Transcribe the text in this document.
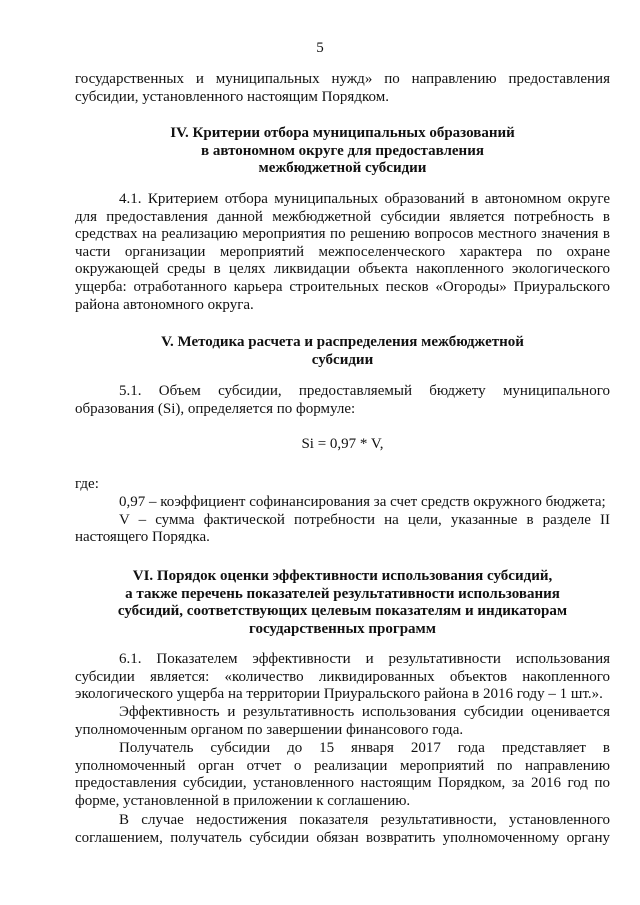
5
государственных и муниципальных нужд» по направлению предоставления
субсидии, установленного настоящим Порядком.
IV. Критерии отбора муниципальных образований
в автономном округе для предоставления
межбюджетной субсидии
4.1. Критерием отбора муниципальных образований в автономном округе
для предоставления данной межбюджетной субсидии является потребность в
средствах на реализацию мероприятия по решению вопросов местного значения в
части организации мероприятий межпоселенческого характера по охране
окружающей среды в целях ликвидации объекта накопленного экологического
ущерба: отработанного карьера строительных песков «Огороды» Приуральского
района автономного округа.
V. Методика расчета и распределения межбюджетной
субсидии
5.1. Объем субсидии, предоставляемый бюджету муниципального
образования (Si), определяется по формуле:
Si = 0,97 * V,
где:
0,97 – коэффициент софинансирования за счет средств окружного бюджета;
V – сумма фактической потребности на цели, указанные в разделе II
настоящего Порядка.
VI. Порядок оценки эффективности использования субсидий,
а также перечень показателей результативности использования
субсидий, соответствующих целевым показателям и индикаторам
государственных программ
6.1. Показателем эффективности и результативности использования
субсидии является: «количество ликвидированных объектов накопленного
экологического ущерба на территории Приуральского района в 2016 году – 1 шт.».
Эффективность и результативность использования субсидии оценивается
уполномоченным органом по завершении финансового года.
Получатель субсидии до 15 января 2017 года представляет в
уполномоченный орган отчет о реализации мероприятий по направлению
предоставления субсидии, установленного настоящим Порядком, за 2016 год по
форме, установленной в приложении к соглашению.
В случае недостижения показателя результативности, установленного
соглашением, получатель субсидии обязан возвратить уполномоченному органу
